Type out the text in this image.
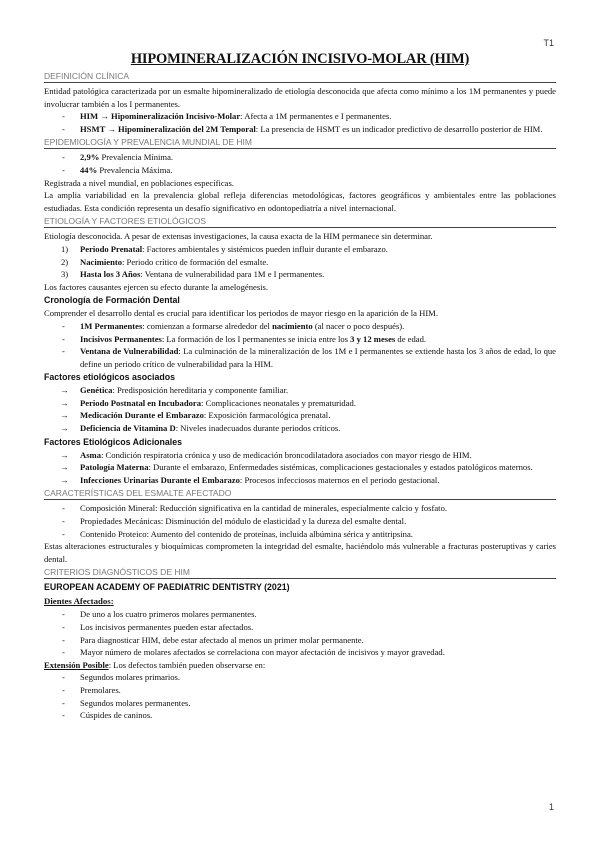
T1
HIPOMINERALIZACIÓN INCISIVO-MOLAR (HIM)
DEFINICIÓN CLÍNICA

Entidad patológica caracterizada por un esmalte hipomineralizado de etiología desconocida que afecta como mínimo a los 1M permanentes y puede involucrar también a los I permanentes.

- HIM → Hipomineralización Incisivo-Molar: Afecta a 1M permanentes e I permanentes.
- HSMT → Hipomineralización del 2M Temporal: La presencia de HSMT es un indicador predictivo de desarrollo posterior de HIM.
EPIDEMIOLOGÍA Y PREVALENCIA MUNDIAL DE HIM
- 2,9% Prevalencia Mínima.
- 44% Prevalencia Máxima.

Registrada a nivel mundial, en poblaciones específicas.

La amplia variabilidad en la prevalencia global refleja diferencias metodológicas, factores geográficos y ambientales entre las poblaciones estudiadas. Esta condición representa un desafío significativo en odontopediatría a nivel internacional.

ETIOLOGÍA Y FACTORES ETIOLÓGICOS

Etiología desconocida. A pesar de extensas investigaciones, la causa exacta de la HIM permanece sin determinar.

1) Periodo Prenatal: Factores ambientales y sistémicos pueden influir durante el embarazo.
2) Nacimiento: Periodo crítico de formación del esmalte.
3) Hasta los 3 Años: Ventana de vulnerabilidad para 1M e I permanentes.

Los factores causantes ejercen su efecto durante la amelogénesis.

Cronología de Formación Dental

Comprender el desarrollo dental es crucial para identificar los periodos de mayor riesgo en la aparición de la HIM.

- 1M Permanentes: comienzan a formarse alrededor del nacimiento (al nacer o poco después).
- Incisivos Permanentes: La formación de los I permanentes se inicia entre los 3 y 12 meses de edad.
- Ventana de Vulnerabilidad: La culminación de la mineralización de los 1M e I permanentes se extiende hasta los 3 años de edad, lo que define un periodo crítico de vulnerabilidad para la HIM.
Factores etiológicos asociados
→ Genética: Predisposición hereditaria y componente familiar.
→ Periodo Postnatal en Incubadora: Complicaciones neonatales y prematuridad.
→ Medicación Durante el Embarazo: Exposición farmacológica prenatal.
→ Deficiencia de Vitamina D: Niveles inadecuados durante periodos críticos.
Factores Etiológicos Adicionales
→ Asma: Condición respiratoria crónica y uso de medicación broncodilatadora asociados con mayor riesgo de HIM.
→ Patología Materna: Durante el embarazo, Enfermedades sistémicas, complicaciones gestacionales y estados patológicos maternos.
→ Infecciones Urinarias Durante el Embarazo: Procesos infecciosos maternos en el periodo gestacional.
CARACTERÍSTICAS DEL ESMALTE AFECTADO
- Composición Mineral: Reducción significativa en la cantidad de minerales, especialmente calcio y fosfato.
- Propiedades Mecánicas: Disminución del módulo de elasticidad y la dureza del esmalte dental.
- Contenido Proteico: Aumento del contenido de proteínas, incluida albúmina sérica y antitripsina.

Estas alteraciones estructurales y bioquímicas comprometen la integridad del esmalte, haciéndolo más vulnerable a fracturas posteruptivas y caries dental.

CRITERIOS DIAGNÓSTICOS DE HIM
EUROPEAN ACADEMY OF PAEDIATRIC DENTISTRY (2021)
Dientes Afectados:
- De uno a los cuatro primeros molares permanentes.
- Los incisivos permanentes pueden estar afectados.
- Para diagnosticar HIM, debe estar afectado al menos un primer molar permanente.
- Mayor número de molares afectados se correlaciona con mayor afectación de incisivos y mayor gravedad.

Extensión Posible: Los defectos también pueden observarse en:

- Segundos molares primarios.
- Premolares.
- Segundos molares permanentes.
- Cúspides de caninos.
1
